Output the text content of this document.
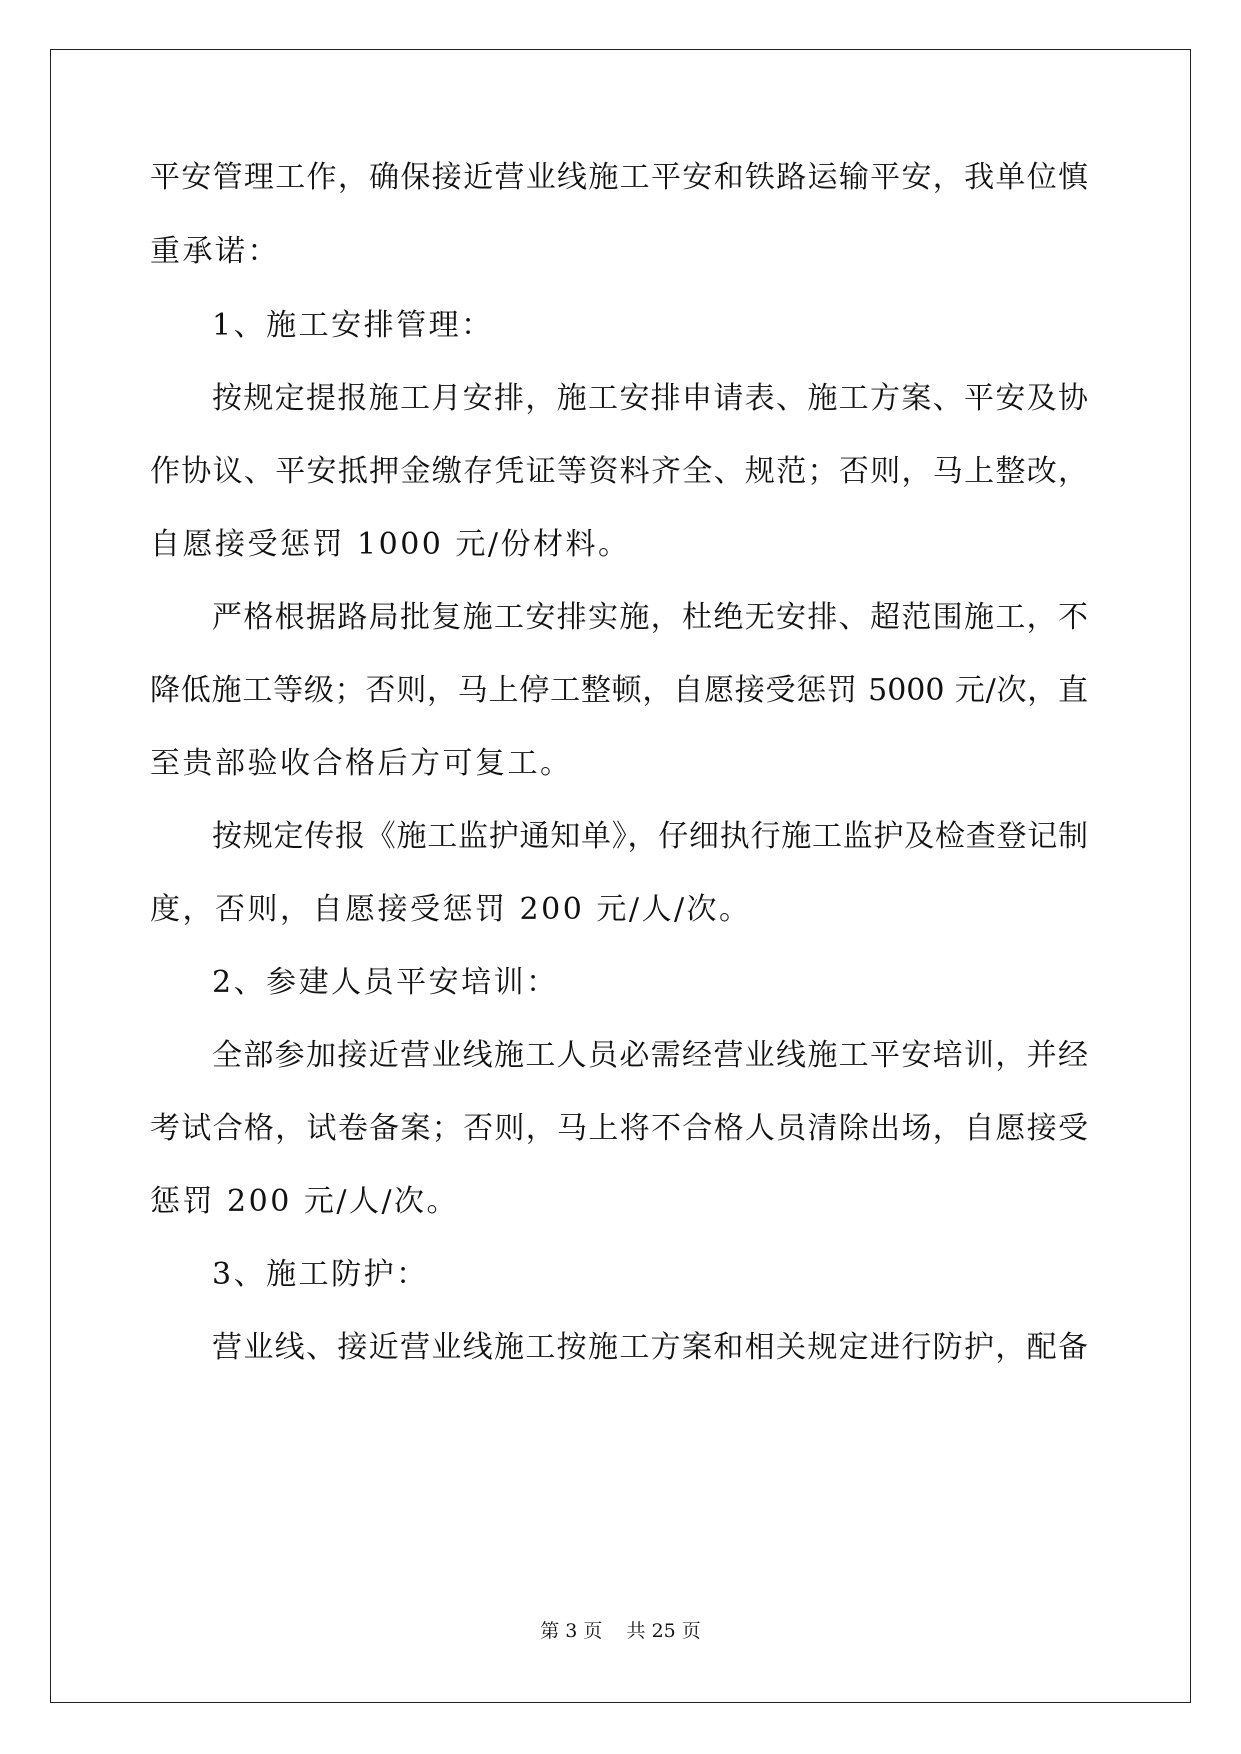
平安管理工作，确保接近营业线施工平安和铁路运输平安，我单位慎
重承诺：
1、施工安排管理：
按规定提报施工月安排，施工安排申请表、施工方案、平安及协
作协议、平安抵押金缴存凭证等资料齐全、规范；否则，马上整改，
自愿接受惩罚 1000 元/份材料。
严格根据路局批复施工安排实施，杜绝无安排、超范围施工，不
降低施工等级；否则，马上停工整顿，自愿接受惩罚 5000 元/次，直
至贵部验收合格后方可复工。
按规定传报《施工监护通知单》，仔细执行施工监护及检查登记制
度，否则，自愿接受惩罚 200 元/人/次。
2、参建人员平安培训：
全部参加接近营业线施工人员必需经营业线施工平安培训，并经
考试合格，试卷备案；否则，马上将不合格人员清除出场，自愿接受
惩罚 200 元/人/次。
3、施工防护：
营业线、接近营业线施工按施工方案和相关规定进行防护，配备
第 3 页 共 25 页
